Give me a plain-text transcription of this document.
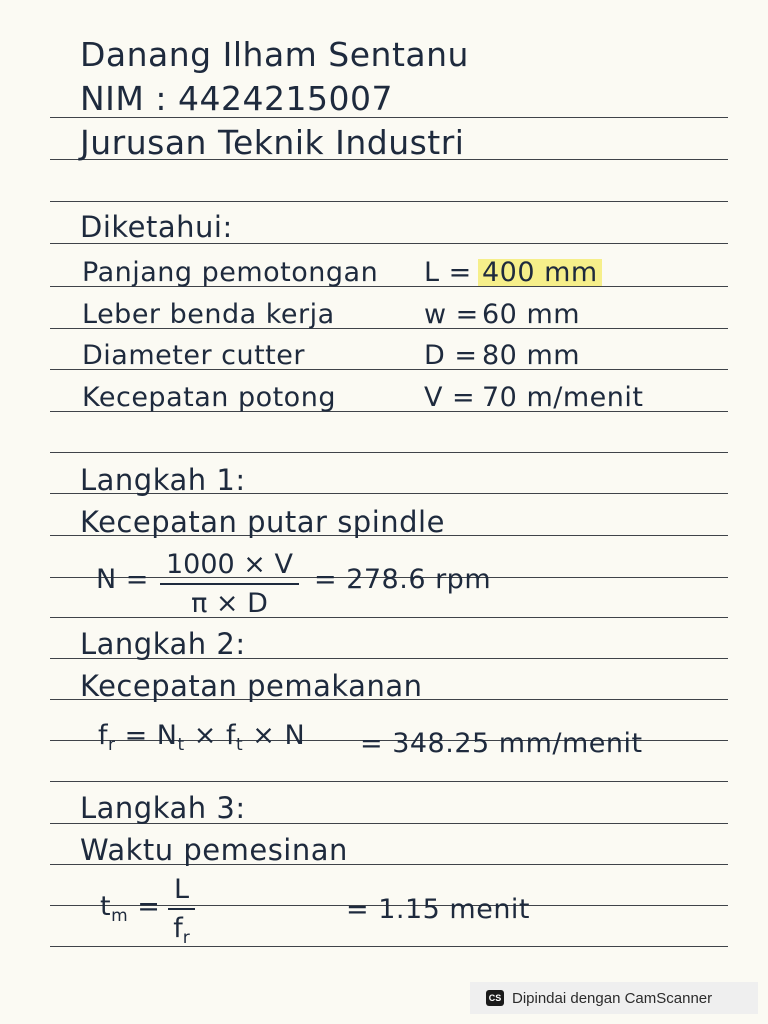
Danang Ilham Sentanu
NIM : 4424215007
Jurusan Teknik Industri
Diketahui:
Panjang pemotongan L = 400 mm
Leber benda kerja	w = 60 mm
Diameter cutter	D = 80 mm
Kecepatan potong	V = 70 m/menit
Langkah 1:
Kecepatan putar spindle
$N = \frac{1000 \times V}{\pi \times D} = 278.6$ rpm
Langkah 2:
Kecepatan pemakanan
$f_r = N_t \times f_t \times N = 348.25$ mm/menit
Langkah 3:
Waktu pemesinan
$t_m = \frac{L}{f_r}$	= 1.15 menit
CS Dipindai dengan CamScanner
